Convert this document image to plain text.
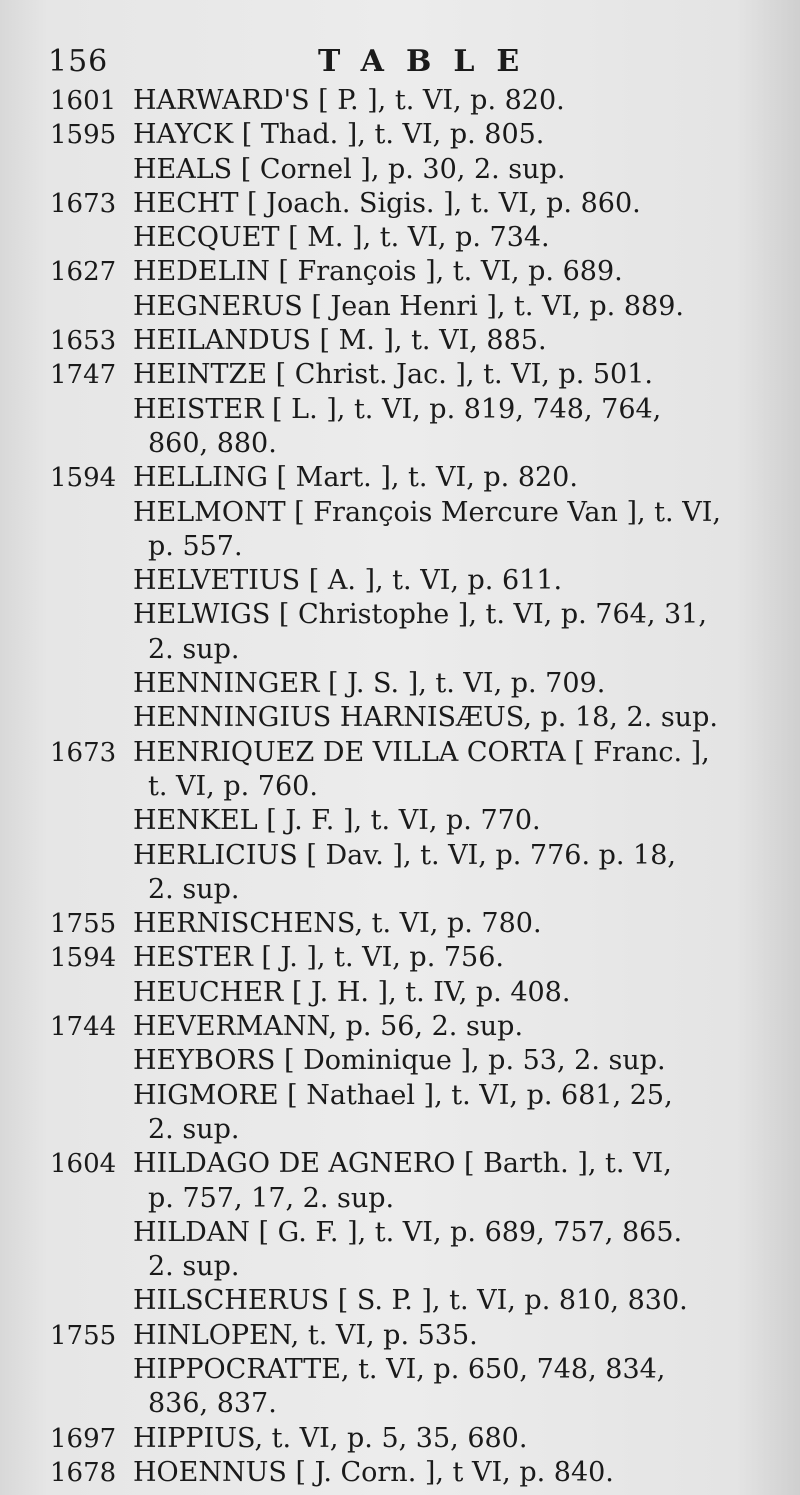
156	TABLE
1601 HARWARD'S [ P. ], t. VI, p. 820.
1595 HAYCK [ Thad. ], t. VI, p. 805.
HEALS [ Cornel ], p. 30, 2. sup.
1673 HECHT [ Joach. Sigis. ], t. VI, p. 860.
HECQUET [ M. ], t. VI, p. 734.
1627 HEDELIN [ François ], t. VI, p. 689.
HEGNERUS [ Jean Henri ], t. VI, p. 889.
1653 HEILANDUS [ M. ], t. VI, 885.
1747 HEINTZE [ Christ. Jac. ], t. VI, p. 501.
HEISTER [ L. ], t. VI, p. 819, 748, 764,
860, 880.
1594 HELLING [ Mart. ], t. VI, p. 820.
HELMONT [ François Mercure Van ], t. VI,
p. 557.
HELVETIUS [ A. ], t. VI, p. 611.
HELWIGS [ Christophe ], t. VI, p. 764, 31,
2. sup.
HENNINGER [ J. S. ], t. VI, p. 709.
HENNINGIUS HARNISÆUS, p. 18, 2. sup.
1673 HENRIQUEZ DE VILLA CORTA [ Franc. ],
t. VI, p. 760.
HENKEL [ J. F. ], t. VI, p. 770.
HERLICIUS [ Dav. ], t. VI, p. 776. p. 18,
2. sup.
1755 HERNISCHENS, t. VI, p. 780.
1594 HESTER [ J. ], t. VI, p. 756.
HEUCHER [ J. H. ], t. IV, p. 408.
1744 HEVERMANN, p. 56, 2. sup.
HEYBORS [ Dominique ], p. 53, 2. sup.
HIGMORE [ Nathael ], t. VI, p. 681, 25,
2. sup.
1604 HILDAGO DE AGNERO [ Barth. ], t. VI,
p. 757, 17, 2. sup.
HILDAN [ G. F. ], t. VI, p. 689, 757, 865.
2. sup.
HILSCHERUS [ S. P. ], t. VI, p. 810, 830.
1755 HINLOPEN, t. VI, p. 535.
HIPPOCRATTE, t. VI, p. 650, 748, 834,
836, 837.
1697 HIPPIUS, t. VI, p. 5, 35, 680.
1678 HOENNUS [ J. Corn. ], t VI, p. 840.
